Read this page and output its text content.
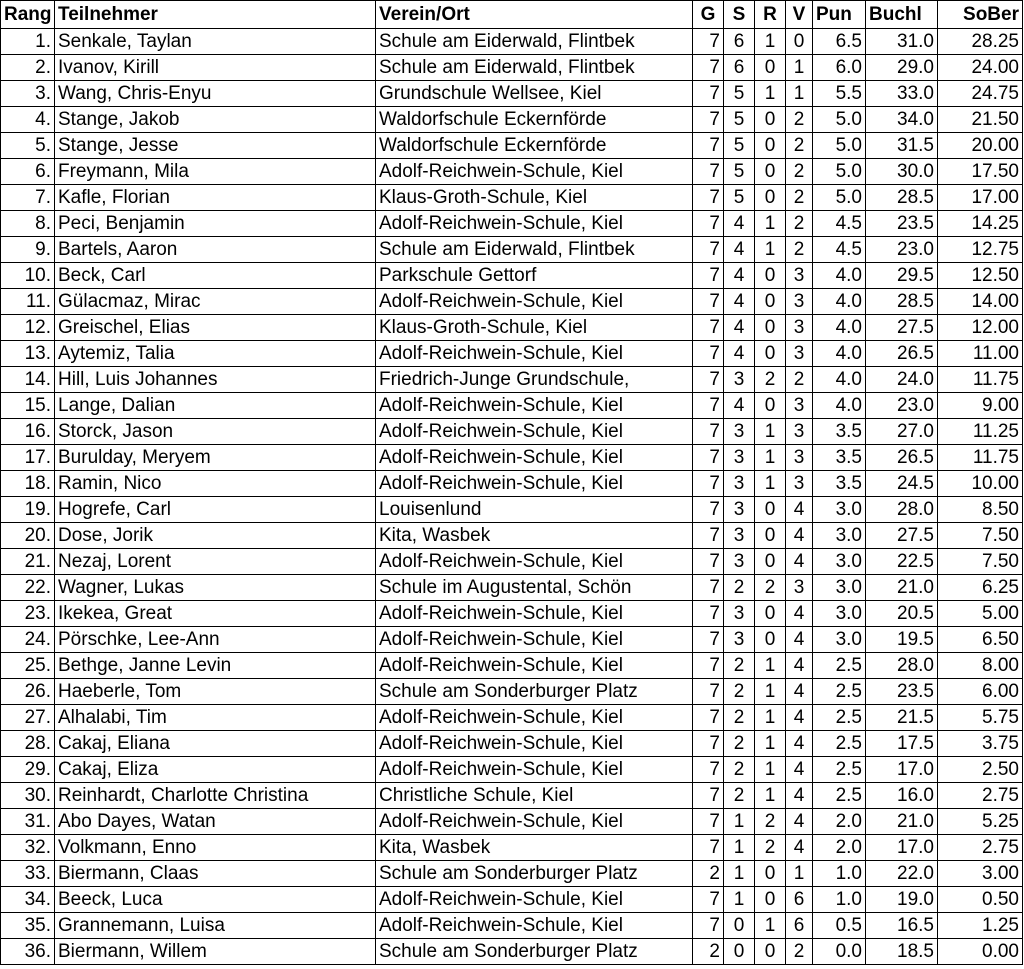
Rang	Teilnehmer	Verein/Ort	G	S	R	V	Pun	Buchl	SoBer
1.	Senkale, Taylan	Schule am Eiderwald, Flintbek	7	6	1	0	6.5	31.0	28.25
2.	Ivanov, Kirill	Schule am Eiderwald, Flintbek	7	6	0	1	6.0	29.0	24.00
3.	Wang, Chris-Enyu	Grundschule Wellsee, Kiel	7	5	1	1	5.5	33.0	24.75
4.	Stange, Jakob	Waldorfschule Eckernförde	7	5	0	2	5.0	34.0	21.50
5.	Stange, Jesse	Waldorfschule Eckernförde	7	5	0	2	5.0	31.5	20.00
6.	Freymann, Mila	Adolf-Reichwein-Schule, Kiel	7	5	0	2	5.0	30.0	17.50
7.	Kafle, Florian	Klaus-Groth-Schule, Kiel	7	5	0	2	5.0	28.5	17.00
8.	Peci, Benjamin	Adolf-Reichwein-Schule, Kiel	7	4	1	2	4.5	23.5	14.25
9.	Bartels, Aaron	Schule am Eiderwald, Flintbek	7	4	1	2	4.5	23.0	12.75
10.	Beck, Carl	Parkschule Gettorf	7	4	0	3	4.0	29.5	12.50
11.	Gülacmaz, Mirac	Adolf-Reichwein-Schule, Kiel	7	4	0	3	4.0	28.5	14.00
12.	Greischel, Elias	Klaus-Groth-Schule, Kiel	7	4	0	3	4.0	27.5	12.00
13.	Aytemiz, Talia	Adolf-Reichwein-Schule, Kiel	7	4	0	3	4.0	26.5	11.00
14.	Hill, Luis Johannes	Friedrich-Junge Grundschule,	7	3	2	2	4.0	24.0	11.75
15.	Lange, Dalian	Adolf-Reichwein-Schule, Kiel	7	4	0	3	4.0	23.0	9.00
16.	Storck, Jason	Adolf-Reichwein-Schule, Kiel	7	3	1	3	3.5	27.0	11.25
17.	Burulday, Meryem	Adolf-Reichwein-Schule, Kiel	7	3	1	3	3.5	26.5	11.75
18.	Ramin, Nico	Adolf-Reichwein-Schule, Kiel	7	3	1	3	3.5	24.5	10.00
19.	Hogrefe, Carl	Louisenlund	7	3	0	4	3.0	28.0	8.50
20.	Dose, Jorik	Kita, Wasbek	7	3	0	4	3.0	27.5	7.50
21.	Nezaj, Lorent	Adolf-Reichwein-Schule, Kiel	7	3	0	4	3.0	22.5	7.50
22.	Wagner, Lukas	Schule im Augustental, Schön	7	2	2	3	3.0	21.0	6.25
23.	Ikekea, Great	Adolf-Reichwein-Schule, Kiel	7	3	0	4	3.0	20.5	5.00
24.	Pörschke, Lee-Ann	Adolf-Reichwein-Schule, Kiel	7	3	0	4	3.0	19.5	6.50
25.	Bethge, Janne Levin	Adolf-Reichwein-Schule, Kiel	7	2	1	4	2.5	28.0	8.00
26.	Haeberle, Tom	Schule am Sonderburger Platz	7	2	1	4	2.5	23.5	6.00
27.	Alhalabi, Tim	Adolf-Reichwein-Schule, Kiel	7	2	1	4	2.5	21.5	5.75
28.	Cakaj, Eliana	Adolf-Reichwein-Schule, Kiel	7	2	1	4	2.5	17.5	3.75
29.	Cakaj, Eliza	Adolf-Reichwein-Schule, Kiel	7	2	1	4	2.5	17.0	2.50
30.	Reinhardt, Charlotte Christina	Christliche Schule, Kiel	7	2	1	4	2.5	16.0	2.75
31.	Abo Dayes, Watan	Adolf-Reichwein-Schule, Kiel	7	1	2	4	2.0	21.0	5.25
32.	Volkmann, Enno	Kita, Wasbek	7	1	2	4	2.0	17.0	2.75
33.	Biermann, Claas	Schule am Sonderburger Platz	2	1	0	1	1.0	22.0	3.00
34.	Beeck, Luca	Adolf-Reichwein-Schule, Kiel	7	1	0	6	1.0	19.0	0.50
35.	Grannemann, Luisa	Adolf-Reichwein-Schule, Kiel	7	0	1	6	0.5	16.5	1.25
36.	Biermann, Willem	Schule am Sonderburger Platz	2	0	0	2	0.0	18.5	0.00
